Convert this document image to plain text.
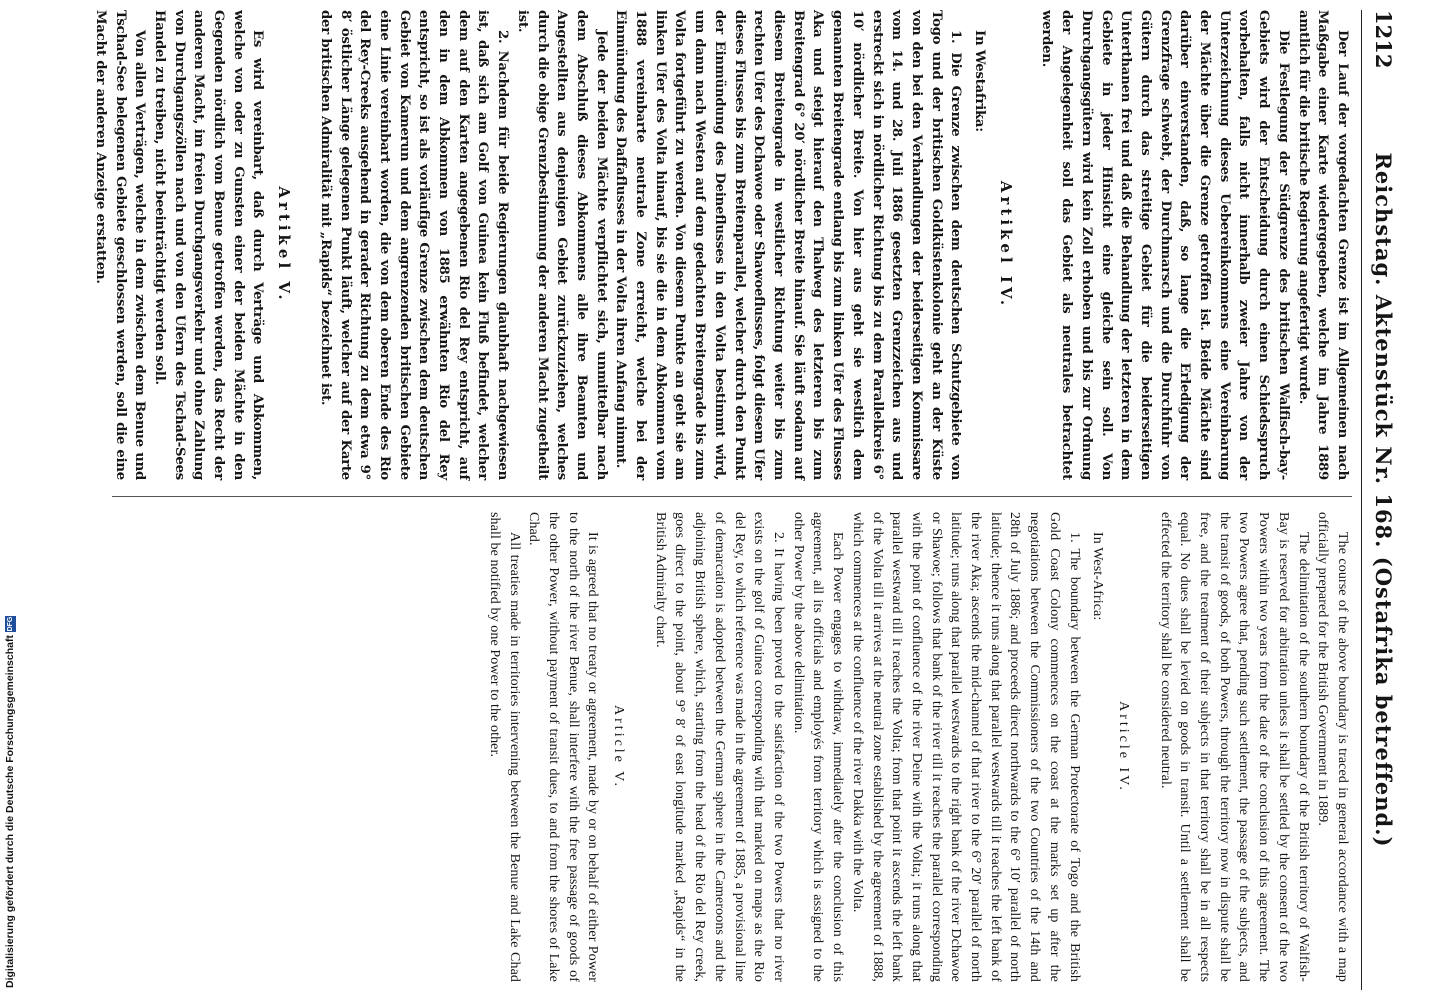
1212
Reichstag. Aktenstück Nr. 168. (Ostafrika betreffend.)

Der Lauf der vorgedachten Grenze ist im Allgemeinen nach Maßgabe einer Karte wiedergegeben, welche im Jahre 1889 amtlich für die britische Regierung angefertigt wurde.

Die Festlegung der Südgrenze des britischen Walfisch-bay-Gebiets wird der Entscheidung durch einen Schiedsspruch vorbehalten, falls nicht innerhalb zweier Jahre von der Unterzeichnung dieses Uebereinkommens eine Vereinbarung der Mächte über die Grenze getroffen ist. Beide Mächte sind darüber einverstanden, daß, so lange die Erledigung der Grenzfrage schwebt, der Durchmarsch und die Durchfuhr von Gütern durch das streitige Gebiet für die beiderseitigen Unterthanen frei und daß die Behandlung der letzteren in dem Gebiete in jeder Hinsicht eine gleiche sein soll. Von Durchgangsgütern wird kein Zoll erhoben und bis zur Ordnung der Angelegenheit soll das Gebiet als neutrales betrachtet werden.

Artikel IV.

In Westafrika:

1. Die Grenze zwischen dem deutschen Schutzgebiete von Togo und der britischen Goldküstenkolonie geht an der Küste von den bei den Verhandlungen der beiderseitigen Kommissare vom 14. und 28. Juli 1886 gesetzten Grenzzeichen aus und erstreckt sich in nördlicher Richtung bis zu dem Parallelkreis 6° 10′ nördlicher Breite. Von hier aus geht sie westlich dem genannten Breitengrade entlang bis zum linken Ufer des Flusses Aka und steigt hierauf den Thalweg des letzteren bis zum Breitengrad 6° 20′ nördlicher Breite hinauf. Sie läuft sodann auf diesem Breitengrade in westlicher Richtung weiter bis zum rechten Ufer des Dchawoe oder Shawoeflusses, folgt diesem Ufer dieses Flusses bis zum Breitenparallel, welcher durch den Punkt der Einmündung des Deineflusses in den Volta bestimmt wird, um dann nach Westen auf dem gedachten Breitengrade bis zum Volta fortgeführt zu werden. Von diesem Punkte an geht sie am linken Ufer des Volta hinauf, bis sie die in dem Abkommen vom 1888 vereinbarte neutrale Zone erreicht, welche bei der Einmündung des Daffaflusses in der Volta ihren Anfang nimmt.

Jede der beiden Mächte verpflichtet sich, unmittelbar nach dem Abschluß dieses Abkommens alle ihre Beamten und Angestellten aus denjenigen Gebiet zurückzuziehen, welches durch die obige Grenzbestimmung der anderen Macht zugetheilt ist.

2. Nachdem für beide Regierungen glaubhaft nachgewiesen ist, daß sich am Golf von Guinea kein Fluß befindet, welcher dem auf den Karten angegebenen Rio del Rey entspricht, auf den in dem Abkommen von 1885 erwähnten Rio del Rey entspricht, so ist als vorläufige Grenze zwischen dem deutschen Gebiet von Kamerun und dem angrenzenden britischen Gebiete eine Linie vereinbart worden, die von dem oberen Ende des Rio del Rey-Creeks ausgehend in gerader Richtung zu dem etwa 9° 8′ östlicher Länge gelegenen Punkt läuft, welcher auf der Karte der britischen Admiralität mit „Rapids“ bezeichnet ist.

Artikel V.

Es wird vereinbart, daß durch Verträge und Abkommen, welche von oder zu Gunsten einer der beiden Mächte in den Gegenden nördlich vom Benue getroffen werden, das Recht der anderen Macht, im freien Durchgangsverkehr und ohne Zahlung von Durchgangszöllen nach und von den Ufern des Tschad-Sees Handel zu treiben, nicht beeinträchtigt werden soll.

Von allen Verträgen, welche in dem zwischen dem Benue und Tschad-See belegenen Gebiete geschlossen werden, soll die eine Macht der anderen Anzeige erstatten.

The course of the above boundary is traced in general accordance with a map officially prepared for the British Government in 1889.

The delimitation of the southern boundary of the British territory of Walfish-Bay is reserved for arbitration unless it shall be settled by the consent of the two Powers within two years from the date of the conclusion of this agreement. The two Powers agree that, pending such settlement, the passage of the subjects, and the transit of goods, of both Powers, through the territory now in dispute shall be free, and the treatment of their subjects in that territory shall be in all respects equal. No dues shall be levied on goods in transit. Until a settlement shall be effected the territory shall be considered neutral.

Article IV.

In West-Africa:

1. The boundary between the German Protectorate of Togo and the British Gold Coast Colony commences on the coast at the marks set up after the negotiations between the Commissioners of the two Countries of the 14th and 28th of July 1886; and proceeds direct northwards to the 6° 10′ parallel of north latitude; thence it runs along that parallel westwards till it reaches the left bank of the river Aka; ascends the mid-channel of that river to the 6° 20′ parallel of north latitude; runs along that parallel westwards to the right bank of the river Dchawoe or Shawoe; follows that bank of the river till it reaches the parallel corresponding with the point of confluence of the river Deine with the Volta; it runs along that parallel westward till it reaches the Volta; from that point it ascends the left bank of the Volta till it arrives at the neutral zone established by the agreement of 1888, which commences at the confluence of the river Dakka with the Volta.

Each Power engages to withdraw, immediately after the conclusion of this agreement, all its officials and employés from territory which is assigned to the other Power by the above delimitation.

2. It having been proved to the satisfaction of the two Powers that no river exists on the golf of Guinea corresponding with that marked on maps as the Rio del Rey, to which reference was made in the agreement of 1885, a provisional line of demarcation is adopted between the German sphere in the Cameroons and the adjoining British sphere, which, starting from the head of the Rio del Rey creek, goes direct to the point, about 9° 8′ of east longitude marked „Rapids“ in the British Admiralty chart.

Article V.

It is agreed that no treaty or agreement, made by or on behalf of either Power to the north of the river Benue, shall interfere with the free passage of goods of the other Power, without payment of transit dues, to and from the shores of Lake Chad.

All treaties made in territories intervening between the Benue and Lake Chad shall be notified by one Power to the other.

Digitalisierung gefördert durch die Deutsche Forschungsgemeinschaft
DFG
